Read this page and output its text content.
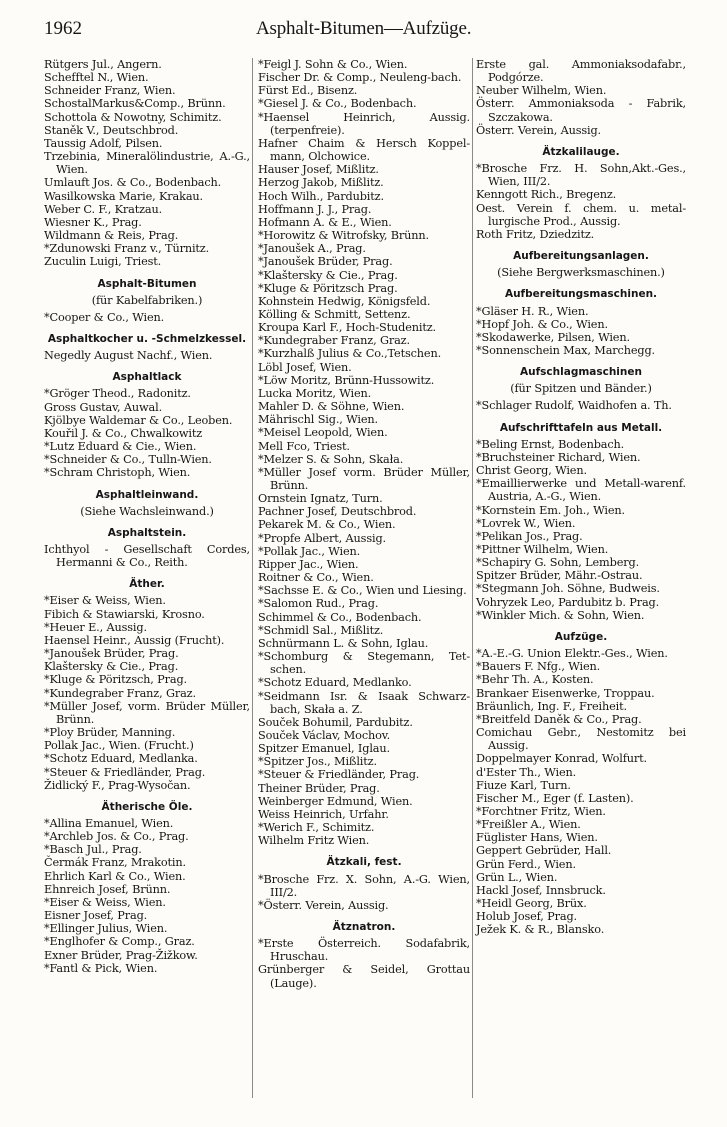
1962	Asphalt-Bitumen—Aufzüge.
Rütgers Jul., Angern.
Schefftel N., Wien.
Schneider Franz, Wien.
SchostalMarkus&Comp., Brünn.
Schottola & Nowotny, Schimitz.
Staněk V., Deutschbrod.
Taussig Adolf, Pilsen.
Trzebinia, Mineralölindustrie, A.-G., Wien.
Umlauft Jos. & Co., Bodenbach.
Wasilkowska Marie, Krakau.
Weber C. F., Kratzau.
Wiesner K., Prag.
Wildmann & Reis, Prag.
*Zdunowski Franz v., Türnitz.
Zuculin Luigi, Triest.
Asphalt-Bitumen
(für Kabelfabriken.)
*Cooper & Co., Wien.
Asphaltkocher u. -Schmelzkessel.
Negedly August Nachf., Wien.
Asphaltlack
*Gröger Theod., Radonitz.
Gross Gustav, Auwal.
Kjölbye Waldemar & Co., Leoben.
Kouřil J. & Co., Chwalkowitz
*Lutz Eduard & Cie., Wien.
*Schneider & Co., Tulln-Wien.
*Schram Christoph, Wien.
Asphaltleinwand.
(Siehe Wachsleinwand.)
Asphaltstein.
Ichthyol - Gesellschaft Cordes, Hermanni & Co., Reith.
Äther.
*Eiser & Weiss, Wien.
Fibich & Stawiarski, Krosno.
*Heuer E., Aussig.
Haensel Heinr., Aussig (Frucht).
*Janoušek Brüder, Prag.
Klaštersky & Cie., Prag.
*Kluge & Pöritzsch, Prag.
*Kundegraber Franz, Graz.
*Müller Josef, vorm. Brüder Müller, Brünn.
*Ploy Brüder, Manning.
Pollak Jac., Wien. (Frucht.)
*Schotz Eduard, Medlanka.
*Steuer & Friedländer, Prag.
Židlický F., Prag-Wysočan.
Ätherische Öle.
*Allina Emanuel, Wien.
*Archleb Jos. & Co., Prag.
*Basch Jul., Prag.
Čermák Franz, Mrakotin.
Ehrlich Karl & Co., Wien.
Ehnreich Josef, Brünn.
*Eiser & Weiss, Wien.
Eisner Josef, Prag.
*Ellinger Julius, Wien.
*Englhofer & Comp., Graz.
Exner Brüder, Prag-Žižkow.
*Fantl & Pick, Wien.
*Feigl J. Sohn & Co., Wien.
Fischer Dr. & Comp., Neuleng-bach.
Fürst Ed., Bisenz.
*Giesel J. & Co., Bodenbach.
*Haensel Heinrich, Aussig. (terpenfreie).
Hafner Chaim & Hersch Koppel-mann, Olchowice.
Hauser Josef, Mißlitz.
Herzog Jakob, Mißlitz.
Hoch Wilh., Pardubitz.
Hoffmann J. J., Prag.
Hofmann A. & E., Wien.
*Horowitz & Witrofsky, Brünn.
*Janoušek A., Prag.
*Janoušek Brüder, Prag.
*Klaštersky & Cie., Prag.
*Kluge & Pöritzsch Prag.
Kohnstein Hedwig, Königsfeld.
Kölling & Schmitt, Settenz.
Kroupa Karl F., Hoch-Studenitz.
*Kundegraber Franz, Graz.
*Kurzhalß Julius & Co.,Tetschen.
Löbl Josef, Wien.
*Löw Moritz, Brünn-Hussowitz.
Lucka Moritz, Wien.
Mahler D. & Söhne, Wien.
Mährischl Sig., Wien.
*Meisel Leopold, Wien.
Mell Fco, Triest.
*Melzer S. & Sohn, Skała.
*Müller Josef vorm. Brüder Müller, Brünn.
Ornstein Ignatz, Turn.
Pachner Josef, Deutschbrod.
Pekarek M. & Co., Wien.
*Propfe Albert, Aussig.
*Pollak Jac., Wien.
Ripper Jac., Wien.
Roitner & Co., Wien.
*Sachsse E. & Co., Wien und Liesing.
*Salomon Rud., Prag.
Schimmel & Co., Bodenbach.
*Schmidl Sal., Mißlitz.
Schnürmann L. & Sohn, Iglau.
*Schomburg & Stegemann, Tet-schen.
*Schotz Eduard, Medlanko.
*Seidmann Isr. & Isaak Schwarz-bach, Skała a. Z.
Souček Bohumil, Pardubitz.
Souček Václav, Mochov.
Spitzer Emanuel, Iglau.
*Spitzer Jos., Mißlitz.
*Steuer & Friedländer, Prag.
Theiner Brüder, Prag.
Weinberger Edmund, Wien.
Weiss Heinrich, Urfahr.
*Werich F., Schimitz.
Wilhelm Fritz Wien.
Ätzkali, fest.
*Brosche Frz. X. Sohn, A.-G. Wien, III/2.
*Österr. Verein, Aussig.
Ätznatron.
*Erste Österreich. Sodafabrik, Hruschau.
Grünberger & Seidel, Grottau (Lauge).
Erste gal. Ammoniaksodafabr., Podgórze.
Neuber Wilhelm, Wien.
Österr. Ammoniaksoda - Fabrik, Szczakowa.
Österr. Verein, Aussig.
Ätzkalilauge.
*Brosche Frz. H. Sohn,Akt.-Ges., Wien, III/2.
Kenngott Rich., Bregenz.
Oest. Verein f. chem. u. metal-lurgische Prod., Aussig.
Roth Fritz, Dziedzitz.
Aufbereitungsanlagen.
(Siehe Bergwerksmaschinen.)
Aufbereitungsmaschinen.
*Gläser H. R., Wien.
*Hopf Joh. & Co., Wien.
*Skodawerke, Pilsen, Wien.
*Sonnenschein Max, Marchegg.
Aufschlagmaschinen
(für Spitzen und Bänder.)
*Schlager Rudolf, Waidhofen a. Th.
Aufschrifttafeln aus Metall.
*Beling Ernst, Bodenbach.
*Bruchsteiner Richard, Wien.
Christ Georg, Wien.
*Emaillierwerke und Metall-warenf. Austria, A.-G., Wien.
*Kornstein Em. Joh., Wien.
*Lovrek W., Wien.
*Pelikan Jos., Prag.
*Pittner Wilhelm, Wien.
*Schapiry G. Sohn, Lemberg.
Spitzer Brüder, Mähr.-Ostrau.
*Stegmann Joh. Söhne, Budweis.
Vohryzek Leo, Pardubitz b. Prag.
*Winkler Mich. & Sohn, Wien.
Aufzüge.
*A.-E.-G. Union Elektr.-Ges., Wien.
*Bauers F. Nfg., Wien.
*Behr Th. A., Kosten.
Brankaer Eisenwerke, Troppau.
Bräunlich, Ing. F., Freiheit.
*Breitfeld Daněk & Co., Prag.
Comichau Gebr., Nestomitz bei Aussig.
Doppelmayer Konrad, Wolfurt.
d'Ester Th., Wien.
Fiuze Karl, Turn.
Fischer M., Eger (f. Lasten).
*Forchtner Fritz, Wien.
*Freißler A., Wien.
Füglister Hans, Wien.
Geppert Gebrüder, Hall.
Grün Ferd., Wien.
Grün L., Wien.
Hackl Josef, Innsbruck.
*Heidl Georg, Brüx.
Holub Josef, Prag.
Ježek K. & R., Blansko.
